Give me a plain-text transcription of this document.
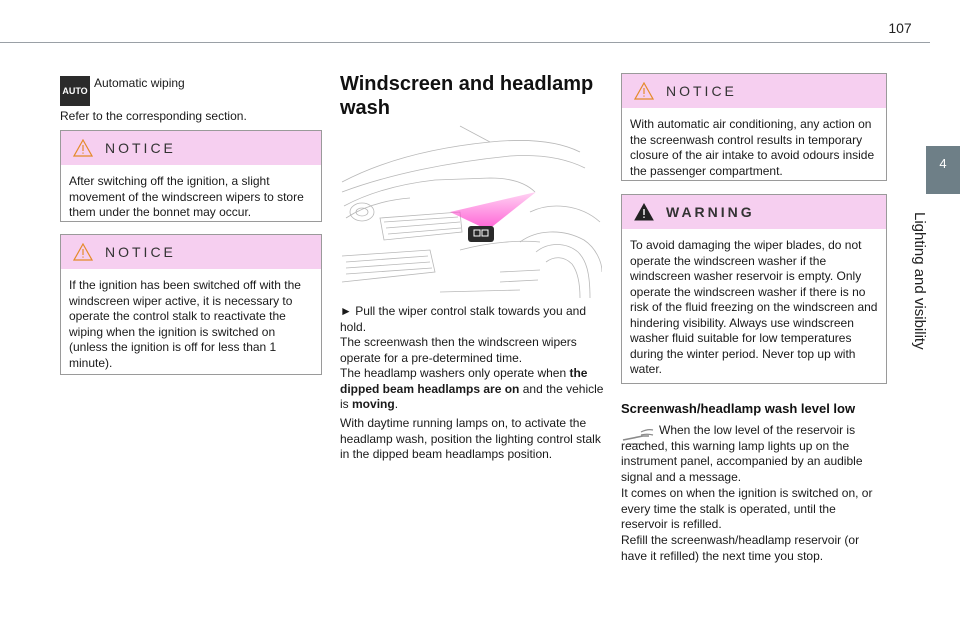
107
4
Lighting and visibility
AUTO
Automatic wiping
Refer to the corresponding section.
NOTICE
After switching off the ignition, a slight movement of the windscreen wipers to store them under the bonnet may occur.
NOTICE
If the ignition has been switched off with the windscreen wiper active, it is necessary to operate the control stalk to reactivate the wiping when the ignition is switched on (unless the ignition is off for less than 1 minute).
Windscreen and headlamp wash
► Pull the wiper control stalk towards you and hold.
The screenwash then the windscreen wipers operate for a pre-determined time.
The headlamp washers only operate when the dipped beam headlamps are on and the vehicle is moving.
With daytime running lamps on, to activate the headlamp wash, position the lighting control stalk in the dipped beam headlamps position.
NOTICE
With automatic air conditioning, any action on the screenwash control results in temporary closure of the air intake to avoid odours inside the passenger compartment.
WARNING
To avoid damaging the wiper blades, do not operate the windscreen washer if the windscreen washer reservoir is empty. Only operate the windscreen washer if there is no risk of the fluid freezing on the windscreen and hindering visibility. Always use windscreen washer fluid suitable for low temperatures during the winter period. Never top up with water.
Screenwash/headlamp wash level low
When the low level of the reservoir is reached, this warning lamp lights up on the instrument panel, accompanied by an audible signal and a message.
It comes on when the ignition is switched on, or every time the stalk is operated, until the reservoir is refilled.
Refill the screenwash/headlamp reservoir (or have it refilled) the next time you stop.
